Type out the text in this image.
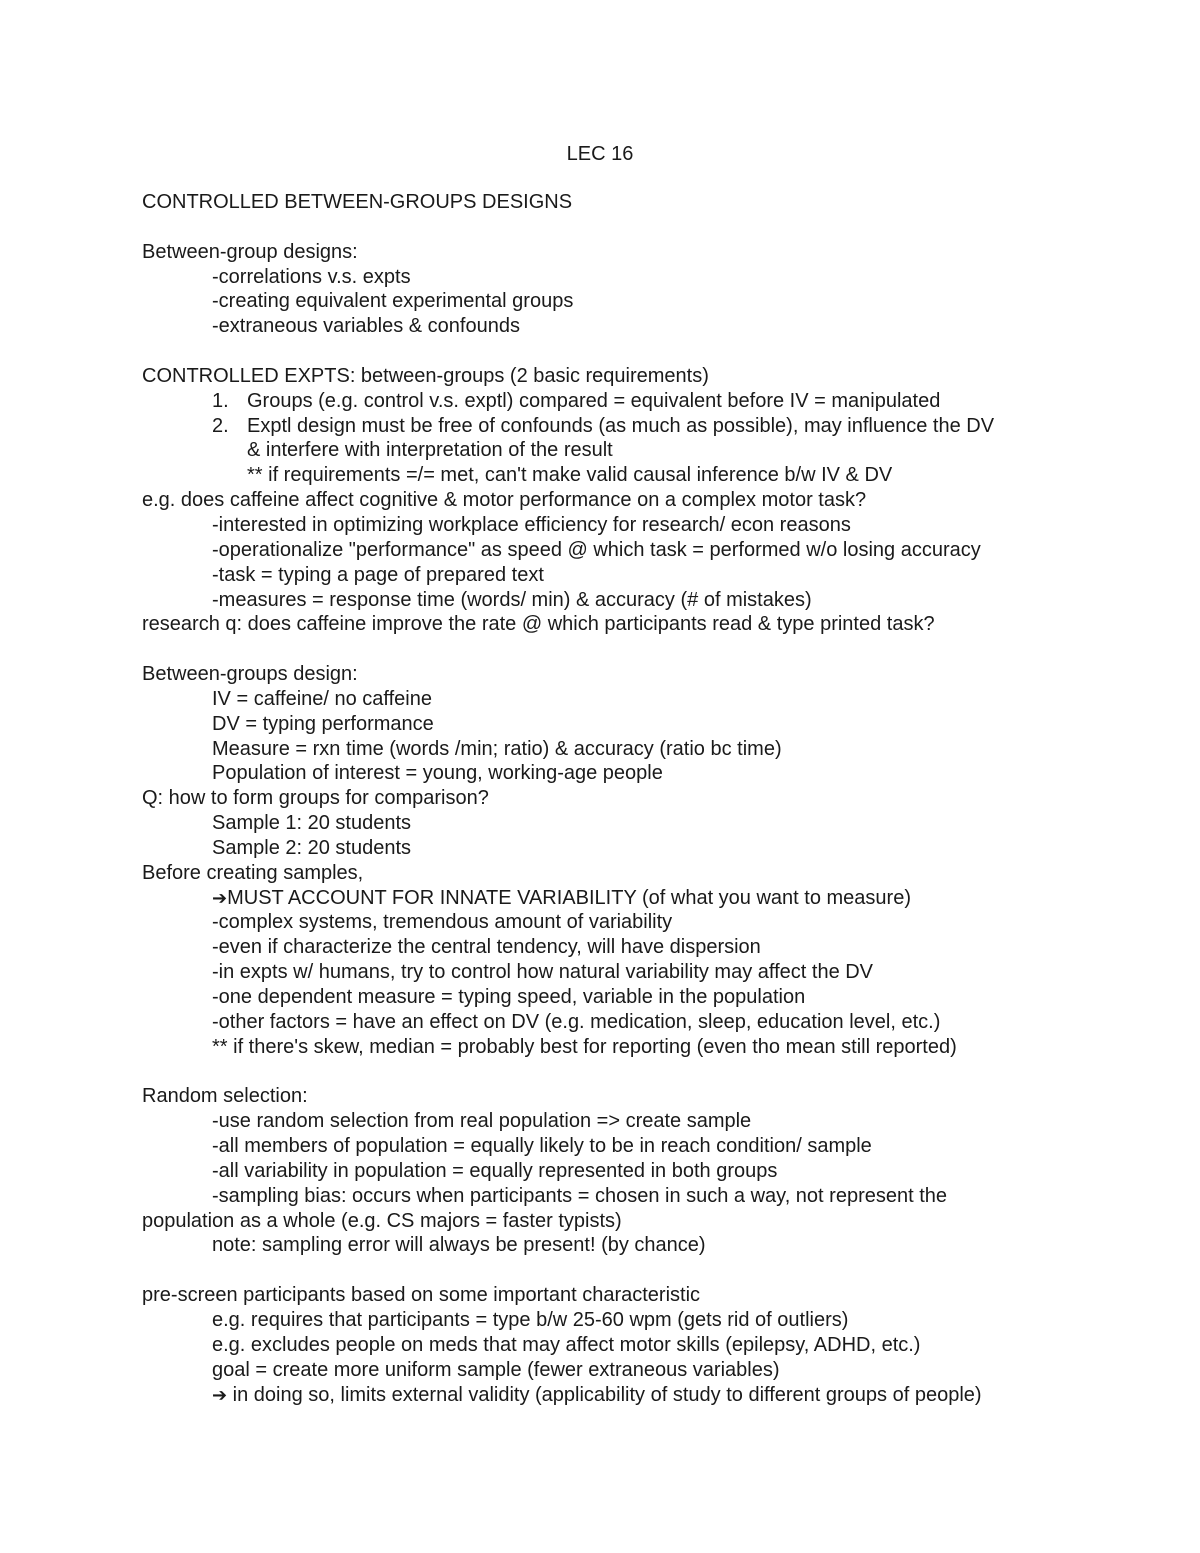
LEC 16
CONTROLLED BETWEEN-GROUPS DESIGNS
Between-group designs:
-correlations v.s. expts
-creating equivalent experimental groups
-extraneous variables & confounds
CONTROLLED EXPTS: between-groups (2 basic requirements)
1. Groups (e.g. control v.s. exptl) compared = equivalent before IV = manipulated
2. Exptl design must be free of confounds (as much as possible), may influence the DV
& interfere with interpretation of the result
** if requirements =/= met, can't make valid causal inference b/w IV & DV
e.g. does caffeine affect cognitive & motor performance on a complex motor task?
-interested in optimizing workplace efficiency for research/ econ reasons
-operationalize "performance" as speed @ which task = performed w/o losing accuracy
-task = typing a page of prepared text
-measures = response time (words/ min) & accuracy (# of mistakes)
research q: does caffeine improve the rate @ which participants read & type printed task?
Between-groups design:
IV = caffeine/ no caffeine
DV = typing performance
Measure = rxn time (words /min; ratio) & accuracy (ratio bc time)
Population of interest = young, working-age people
Q: how to form groups for comparison?
Sample 1: 20 students
Sample 2: 20 students
Before creating samples,
➔MUST ACCOUNT FOR INNATE VARIABILITY (of what you want to measure)
-complex systems, tremendous amount of variability
-even if characterize the central tendency, will have dispersion
-in expts w/ humans, try to control how natural variability may affect the DV
-one dependent measure = typing speed, variable in the population
-other factors = have an effect on DV (e.g. medication, sleep, education level, etc.)
** if there's skew, median = probably best for reporting (even tho mean still reported)
Random selection:
-use random selection from real population => create sample
-all members of population = equally likely to be in reach condition/ sample
-all variability in population = equally represented in both groups
-sampling bias: occurs when participants = chosen in such a way, not represent the
population as a whole (e.g. CS majors = faster typists)
note: sampling error will always be present! (by chance)
pre-screen participants based on some important characteristic
e.g. requires that participants = type b/w 25-60 wpm (gets rid of outliers)
e.g. excludes people on meds that may affect motor skills (epilepsy, ADHD, etc.)
goal = create more uniform sample (fewer extraneous variables)
➔ in doing so, limits external validity (applicability of study to different groups of people)
